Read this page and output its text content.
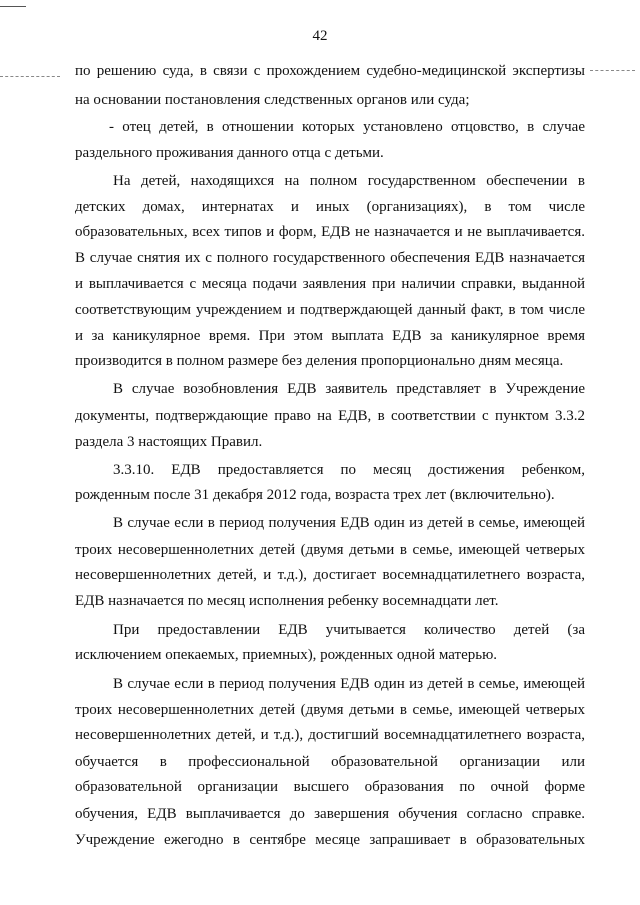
42
по решению суда, в связи с прохождением судебно-медицинской экспертизы
на основании постановления следственных органов или суда;
- отец детей, в отношении которых установлено отцовство, в случае
раздельного проживания данного отца с детьми.
На детей, находящихся на полном государственном обеспечении в
детских домах, интернатах и иных (организациях), в том числе
образовательных, всех типов и форм, ЕДВ не назначается и не выплачивается.
В случае снятия их с полного государственного обеспечения ЕДВ назначается
и выплачивается с месяца подачи заявления при наличии справки, выданной
соответствующим учреждением и подтверждающей данный факт, в том числе
и за каникулярное время. При этом выплата ЕДВ за каникулярное время
производится в полном размере без деления пропорционально дням месяца.
В случае возобновления ЕДВ заявитель представляет в Учреждение
документы, подтверждающие право на ЕДВ, в соответствии с пунктом 3.3.2
раздела 3 настоящих Правил.
3.3.10. ЕДВ предоставляется по месяц достижения ребенком,
рожденным после 31 декабря 2012 года, возраста трех лет (включительно).
В случае если в период получения ЕДВ один из детей в семье, имеющей
троих несовершеннолетних детей (двумя детьми в семье, имеющей четверых
несовершеннолетних детей, и т.д.), достигает восемнадцатилетнего возраста,
ЕДВ назначается по месяц исполнения ребенку восемнадцати лет.
При предоставлении ЕДВ учитывается количество детей (за
исключением опекаемых, приемных), рожденных одной матерью.
В случае если в период получения ЕДВ один из детей в семье, имеющей
троих несовершеннолетних детей (двумя детьми в семье, имеющей четверых
несовершеннолетних детей, и т.д.), достигший восемнадцатилетнего возраста,
обучается в профессиональной образовательной организации или
образовательной организации высшего образования по очной форме
обучения, ЕДВ выплачивается до завершения обучения согласно справке.
Учреждение ежегодно в сентябре месяце запрашивает в образовательных
